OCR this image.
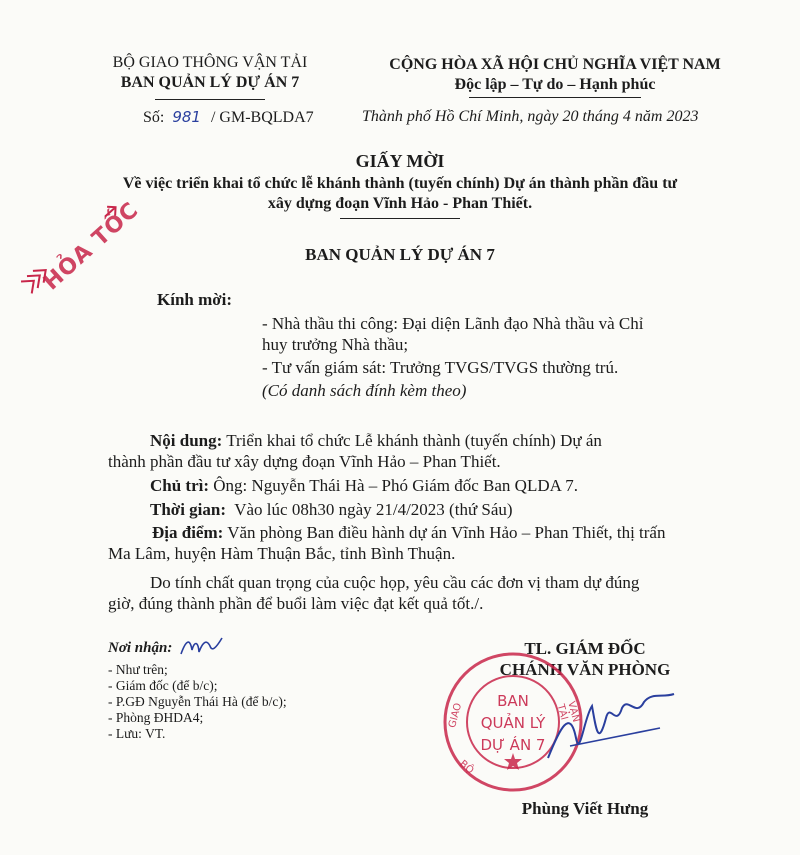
BỘ GIAO THÔNG VẬN TẢI
BAN QUẢN LÝ DỰ ÁN 7
Số: 981 / GM-BQLDA7
CỘNG HÒA XÃ HỘI CHỦ NGHĨA VIỆT NAM
Độc lập – Tự do – Hạnh phúc
Thành phố Hồ Chí Minh, ngày 20 tháng 4 năm 2023
HỎA TỐC
GIẤY MỜI
Về việc triển khai tổ chức lễ khánh thành (tuyến chính) Dự án thành phần đầu tư
xây dựng đoạn Vĩnh Hảo - Phan Thiết.
BAN QUẢN LÝ DỰ ÁN 7
Kính mời:
- Nhà thầu thi công: Đại diện Lãnh đạo Nhà thầu và Chỉ
huy trưởng Nhà thầu;
- Tư vấn giám sát: Trưởng TVGS/TVGS thường trú.
(Có danh sách đính kèm theo)
Nội dung: Triển khai tổ chức Lễ khánh thành (tuyến chính) Dự án
thành phần đầu tư xây dựng đoạn Vĩnh Hảo – Phan Thiết.
Chủ trì: Ông: Nguyễn Thái Hà – Phó Giám đốc Ban QLDA 7.
Thời gian:  Vào lúc 08h30 ngày 21/4/2023 (thứ Sáu)
Địa điểm: Văn phòng Ban điều hành dự án Vĩnh Hảo – Phan Thiết, thị trấn
Ma Lâm, huyện Hàm Thuận Bắc, tỉnh Bình Thuận.
Do tính chất quan trọng của cuộc họp, yêu cầu các đơn vị tham dự đúng
giờ, đúng thành phần để buổi làm việc đạt kết quả tốt./.
Nơi nhận:
- Như trên;
- Giám đốc (để b/c);
- P.GĐ Nguyễn Thái Hà (để b/c);
- Phòng ĐHDA4;
- Lưu: VT.
TL. GIÁM ĐỐC
CHÁNH VĂN PHÒNG
BAN
QUẢN LÝ
DỰ ÁN 7
GIAO
BỘ
VẬN TẢI
Phùng Viết Hưng
